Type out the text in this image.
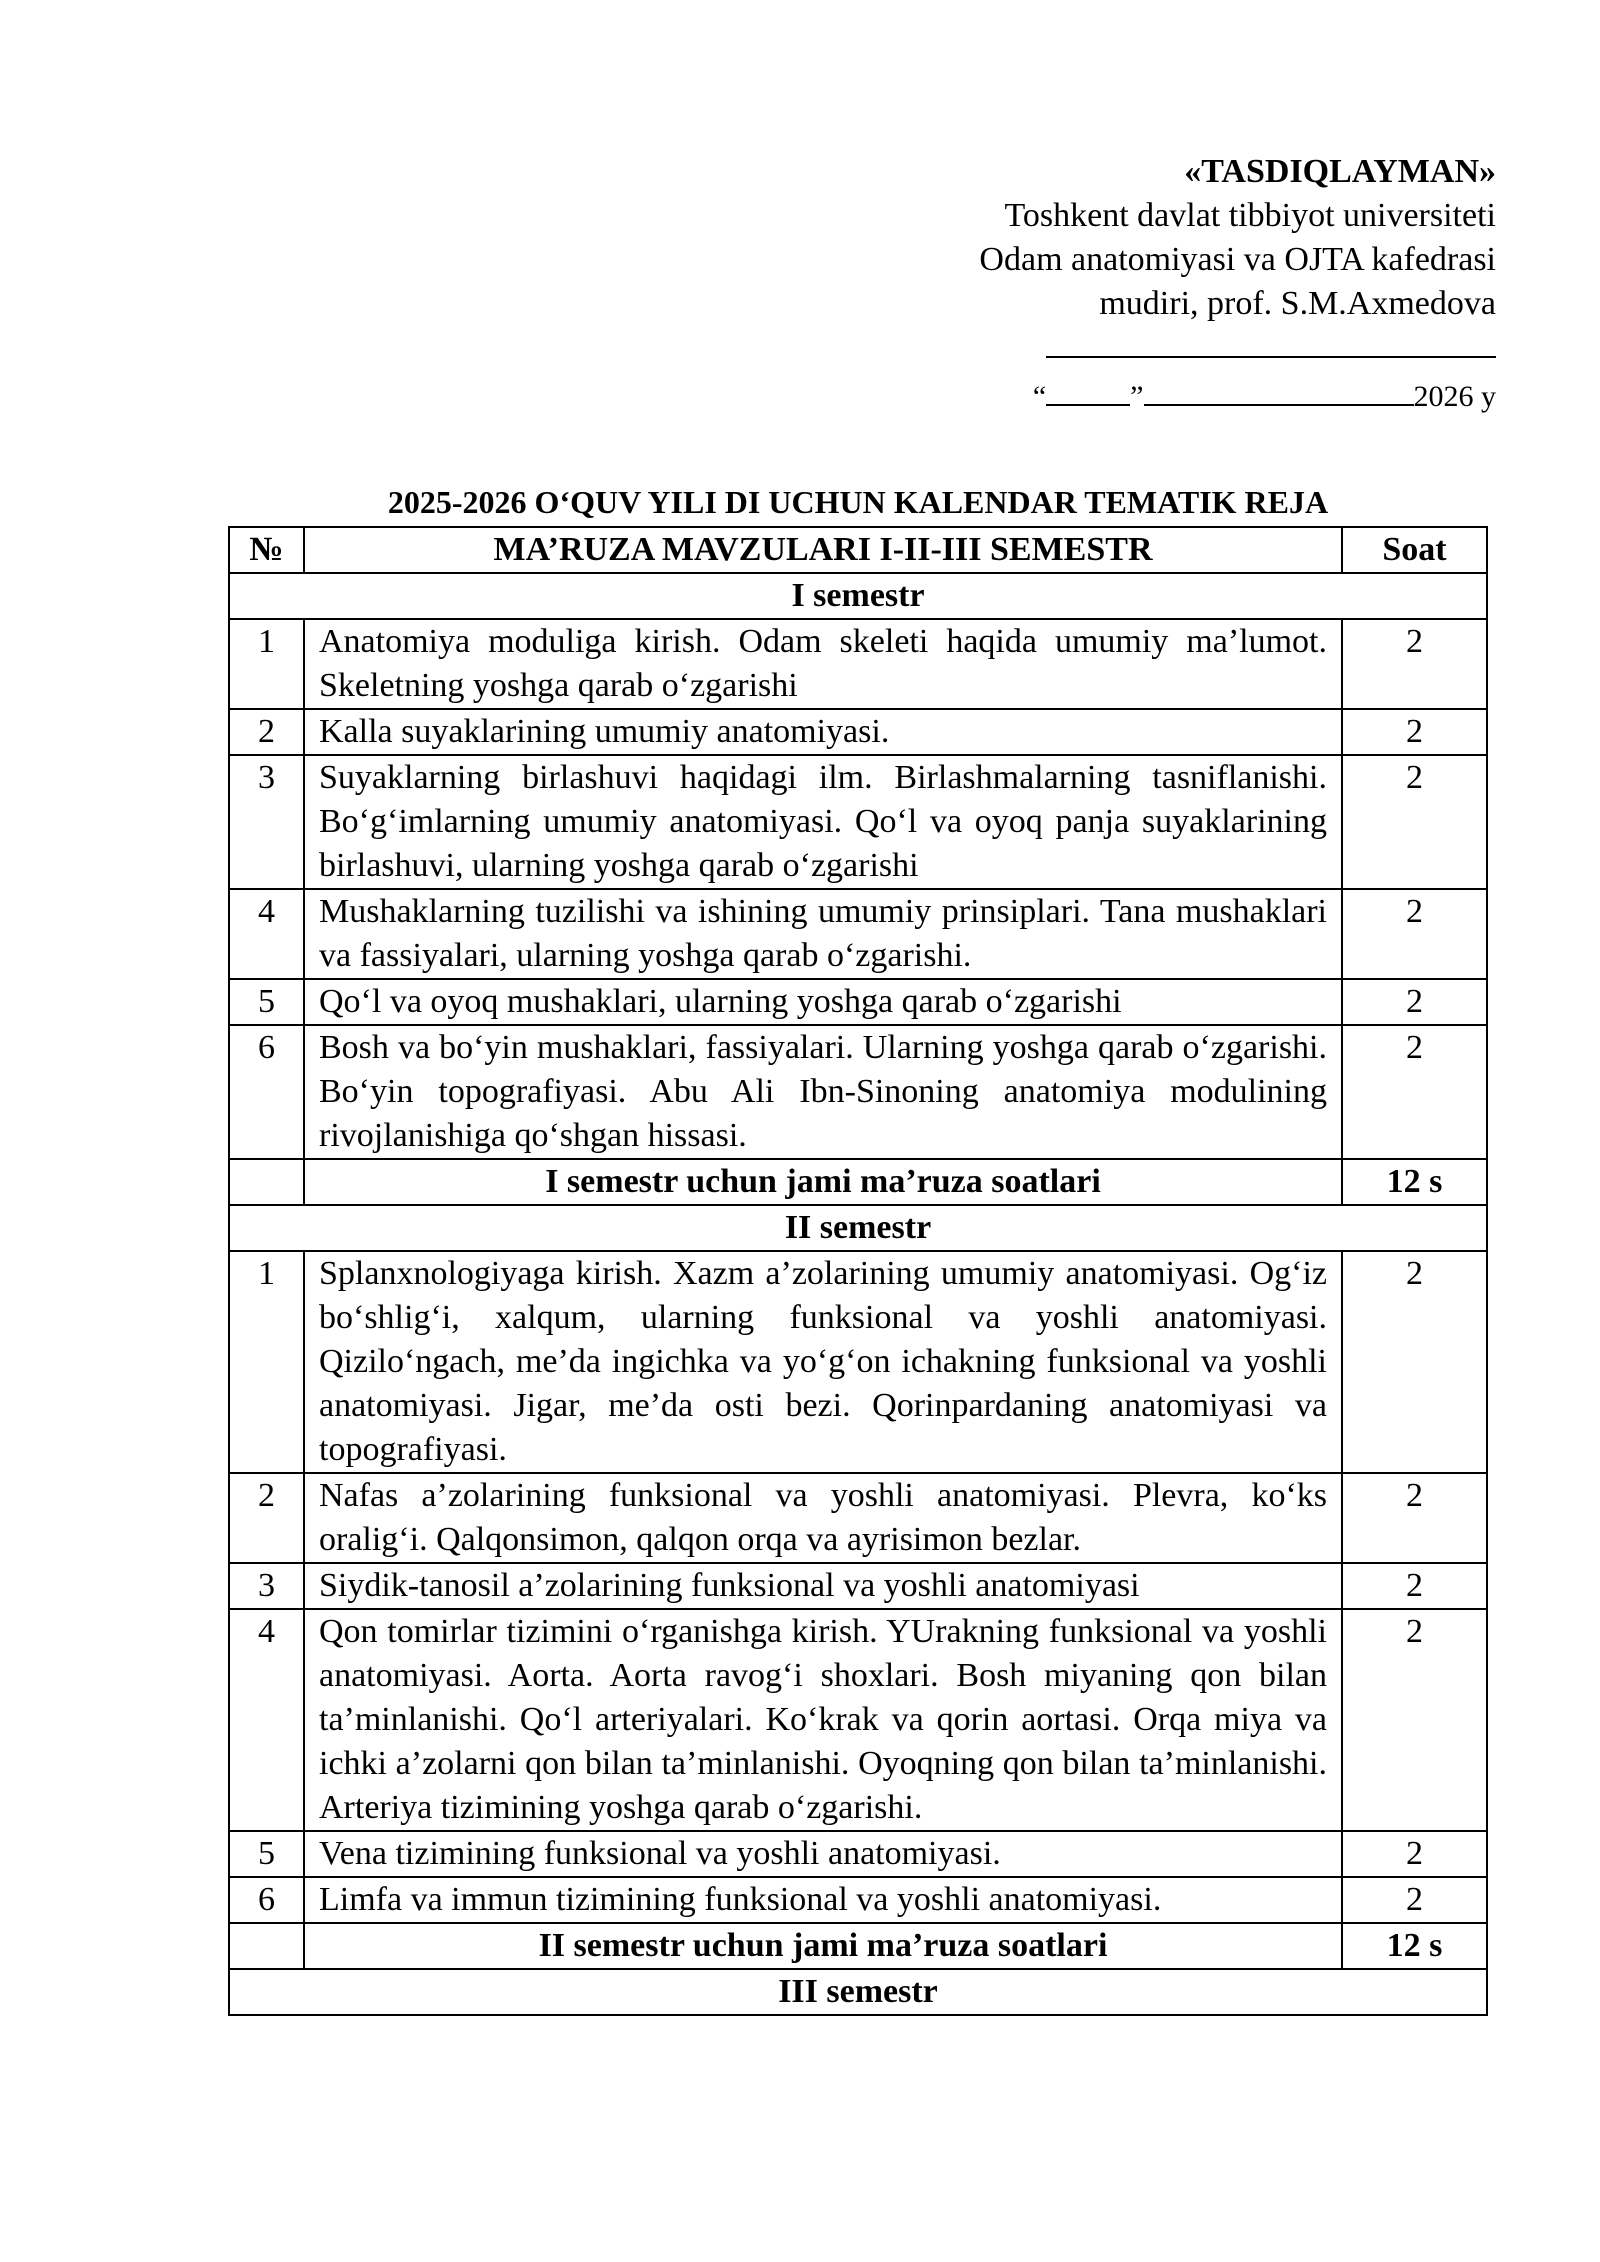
«TASDIQLAYMAN»
Toshkent davlat tibbiyot universiteti
Odam anatomiyasi va OJTA kafedrasi
mudiri, prof. S.M.Axmedova
“	”	2026 y
2025-2026 O‘QUV YILI DI UCHUN KALENDAR TEMATIK REJA
№	MA’RUZA MAVZULARI I-II-III SEMESTR	Soat
I semestr		
1	Anatomiya moduliga kirish. Odam skeleti haqida umumiy ma’lumot. Skeletning yoshga qarab o‘zgarishi	2
2	Kalla suyaklarining umumiy anatomiyasi.	2
3	Suyaklarning birlashuvi haqidagi ilm. Birlashmalarning tasniflanishi. Bo‘g‘imlarning umumiy anatomiyasi. Qo‘l va oyoq panja suyaklarining birlashuvi, ularning yoshga qarab o‘zgarishi	2
4	Mushaklarning tuzilishi va ishining umumiy prinsiplari. Tana mushaklari va fassiyalari, ularning yoshga qarab o‘zgarishi.	2
5	Qo‘l va oyoq mushaklari, ularning yoshga qarab o‘zgarishi	2
6	Bosh va bo‘yin mushaklari, fassiyalari. Ularning yoshga qarab o‘zgarishi. Bo‘yin topografiyasi. Abu Ali Ibn-Sinoning anatomiya modulining rivojlanishiga qo‘shgan hissasi.	2
	I semestr uchun jami ma’ruza soatlari	12 s
II semestr		
1	Splanxnologiyaga kirish. Xazm a’zolarining umumiy anatomiyasi. Og‘iz bo‘shlig‘i, xalqum, ularning funksional va yoshli anatomiyasi. Qizilo‘ngach, me’da ingichka va yo‘g‘on ichakning funksional va yoshli anatomiyasi. Jigar, me’da osti bezi. Qorinpardaning anatomiyasi va topografiyasi.	2
2	Nafas a’zolarining funksional va yoshli anatomiyasi. Plevra, ko‘ks oralig‘i. Qalqonsimon, qalqon orqa va ayrisimon bezlar.	2
3	Siydik-tanosil a’zolarining funksional va yoshli anatomiyasi	2
4	Qon tomirlar tizimini o‘rganishga kirish. YUrakning funksional va yoshli anatomiyasi. Aorta. Aorta ravog‘i shoxlari. Bosh miyaning qon bilan ta’minlanishi. Qo‘l arteriyalari. Ko‘krak va qorin aortasi. Orqa miya va ichki a’zolarni qon bilan ta’minlanishi. Oyoqning qon bilan ta’minlanishi. Arteriya tizimining yoshga qarab o‘zgarishi.	2
5	Vena tizimining funksional va yoshli anatomiyasi.	2
6	Limfa va immun tizimining funksional va yoshli anatomiyasi.	2
	II semestr uchun jami ma’ruza soatlari	12 s
III semestr		
